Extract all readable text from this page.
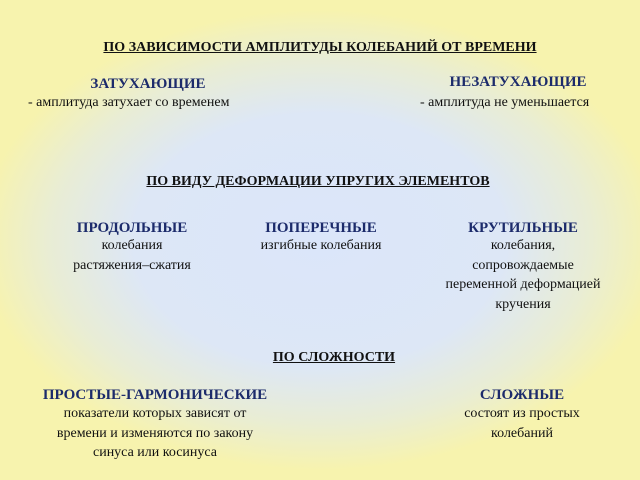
ПО ЗАВИСИМОСТИ АМПЛИТУДЫ КОЛЕБАНИЙ ОТ ВРЕМЕНИ
ЗАТУХАЮЩИЕ
- амплитуда затухает со временем
НЕЗАТУХАЮЩИЕ
- амплитуда не уменьшается
ПО ВИДУ ДЕФОРМАЦИИ УПРУГИХ ЭЛЕМЕНТОВ
ПРОДОЛЬНЫЕ
колебания
растяжения–сжатия
ПОПЕРЕЧНЫЕ
изгибные колебания
КРУТИЛЬНЫЕ
колебания,
сопровождаемые
переменной деформацией
кручения
ПО СЛОЖНОСТИ
ПРОСТЫЕ-ГАРМОНИЧЕСКИЕ
показатели которых зависят от
времени и изменяются по закону
синуса или косинуса
СЛОЖНЫЕ
состоят из простых
колебаний
